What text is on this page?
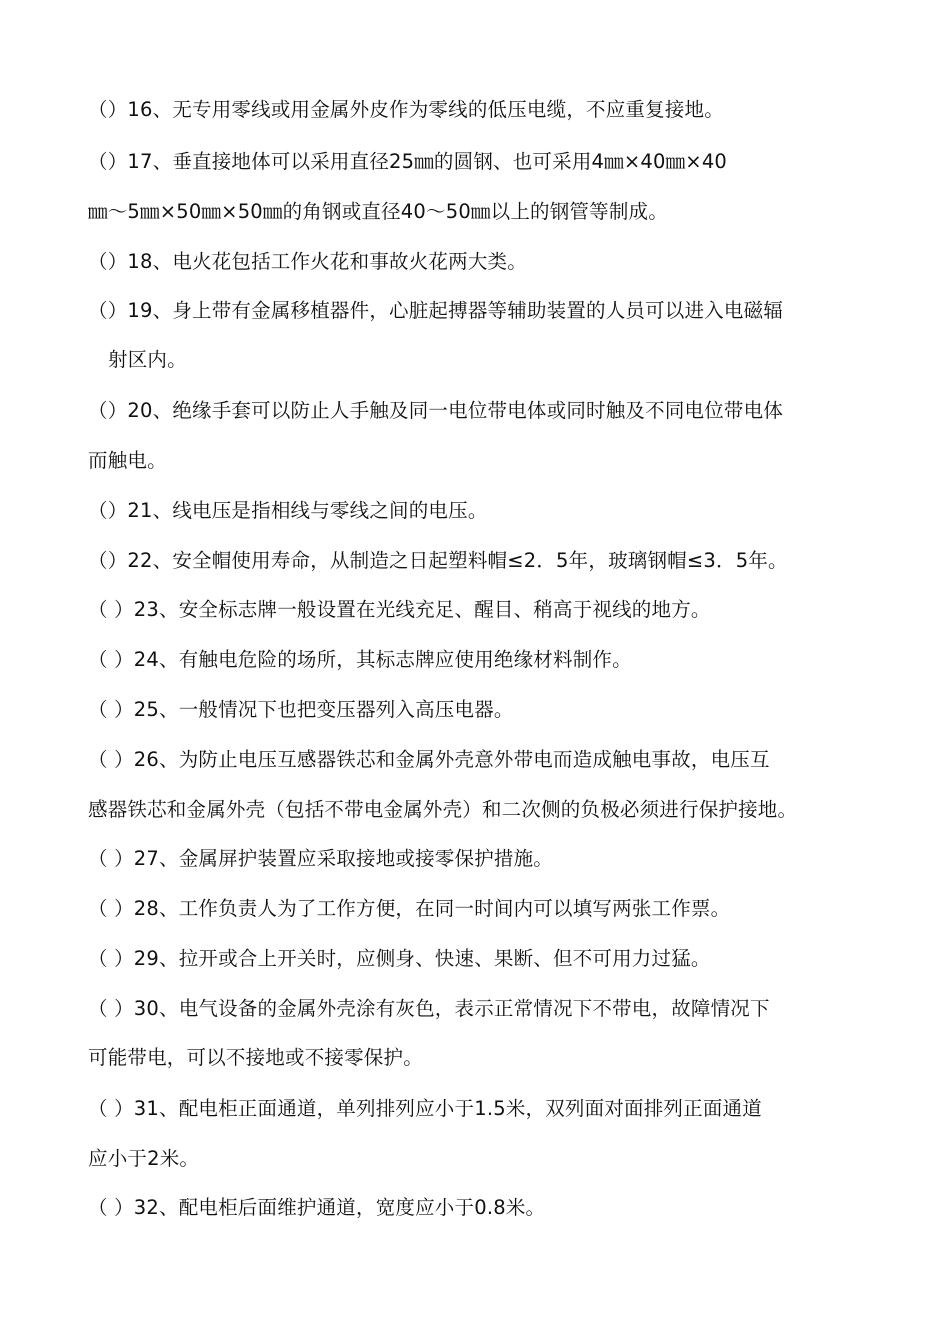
（）16、无专用零线或用金属外皮作为零线的低压电缆，不应重复接地。
（）17、垂直接地体可以采用直径25㎜的圆钢、也可采用4㎜×40㎜×40
㎜～5㎜×50㎜×50㎜的角钢或直径40～50㎜以上的钢管等制成。
（）18、电火花包括工作火花和事故火花两大类。
（）19、身上带有金属移植器件，心脏起搏器等辅助装置的人员可以进入电磁辐
射区内。
（）20、绝缘手套可以防止人手触及同一电位带电体或同时触及不同电位带电体
而触电。
（）21、线电压是指相线与零线之间的电压。
（）22、安全帽使用寿命，从制造之日起塑料帽≤2．5年，玻璃钢帽≤3．5年。
（ ）23、安全标志牌一般设置在光线充足、醒目、稍高于视线的地方。
（ ）24、有触电危险的场所，其标志牌应使用绝缘材料制作。
（ ）25、一般情况下也把变压器列入高压电器。
（ ）26、为防止电压互感器铁芯和金属外壳意外带电而造成触电事故，电压互
感器铁芯和金属外壳（包括不带电金属外壳）和二次侧的负极必须进行保护接地。
（ ）27、金属屏护装置应采取接地或接零保护措施。
（ ）28、工作负责人为了工作方便，在同一时间内可以填写两张工作票。
（ ）29、拉开或合上开关时，应侧身、快速、果断、但不可用力过猛。
（ ）30、电气设备的金属外壳涂有灰色，表示正常情况下不带电，故障情况下
可能带电，可以不接地或不接零保护。
（ ）31、配电柜正面通道，单列排列应小于1.5米，双列面对面排列正面通道
应小于2米。
（ ）32、配电柜后面维护通道，宽度应小于0.8米。
